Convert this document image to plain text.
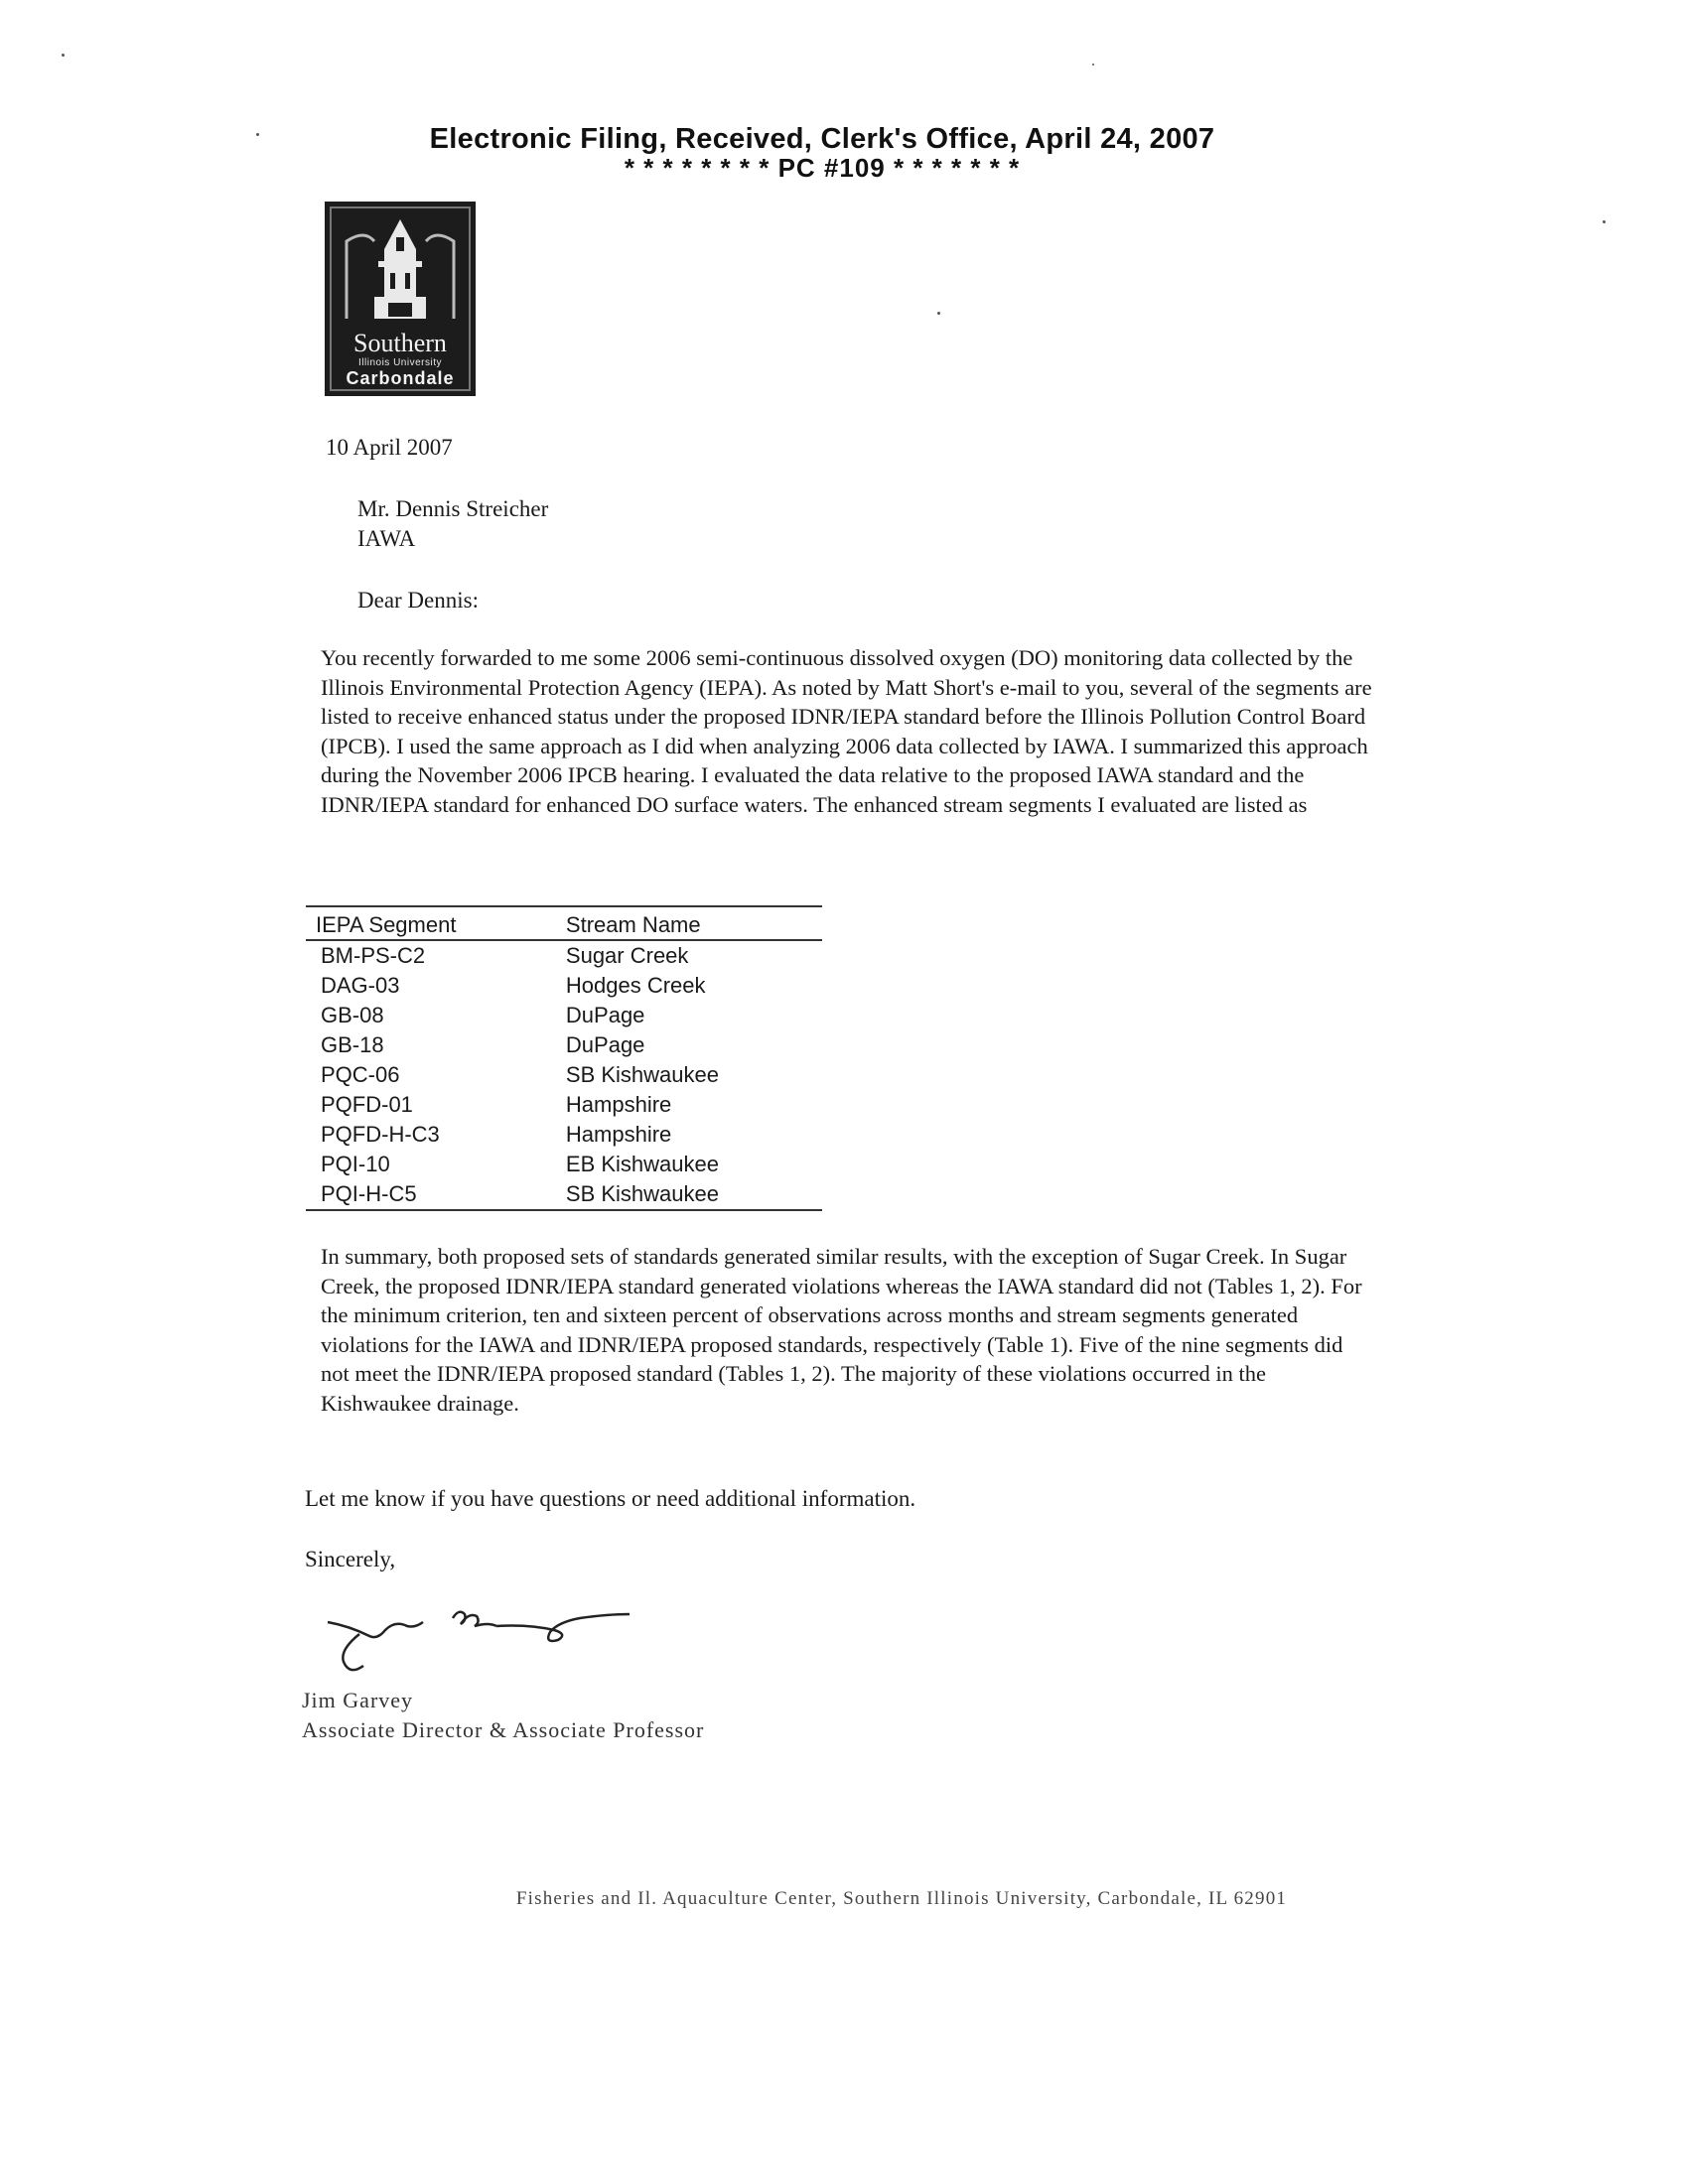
Electronic Filing, Received, Clerk's Office, April 24, 2007
* * * * * * * * PC #109 * * * * * * *
Southern
Illinois University
Carbondale
10 April 2007
Mr. Dennis Streicher
IAWA
Dear Dennis:
You recently forwarded to me some 2006 semi-continuous dissolved oxygen (DO) monitoring data collected by the Illinois Environmental Protection Agency (IEPA). As noted by Matt Short's e-mail to you, several of the segments are listed to receive enhanced status under the proposed IDNR/IEPA standard before the Illinois Pollution Control Board (IPCB). I used the same approach as I did when analyzing 2006 data collected by IAWA. I summarized this approach during the November 2006 IPCB hearing. I evaluated the data relative to the proposed IAWA standard and the IDNR/IEPA standard for enhanced DO surface waters. The enhanced stream segments I evaluated are listed as
IEPA Segment	Stream Name
BM-PS-C2	Sugar Creek
DAG-03	Hodges Creek
GB-08	DuPage
GB-18	DuPage
PQC-06	SB Kishwaukee
PQFD-01	Hampshire
PQFD-H-C3	Hampshire
PQI-10	EB Kishwaukee
PQI-H-C5	SB Kishwaukee
In summary, both proposed sets of standards generated similar results, with the exception of Sugar Creek. In Sugar Creek, the proposed IDNR/IEPA standard generated violations whereas the IAWA standard did not (Tables 1, 2). For the minimum criterion, ten and sixteen percent of observations across months and stream segments generated violations for the IAWA and IDNR/IEPA proposed standards, respectively (Table 1). Five of the nine segments did not meet the IDNR/IEPA proposed standard (Tables 1, 2). The majority of these violations occurred in the Kishwaukee drainage.
Let me know if you have questions or need additional information.
Sincerely,
Jim Garvey
Associate Director & Associate Professor
Fisheries and Il. Aquaculture Center, Southern Illinois University, Carbondale, IL 62901
